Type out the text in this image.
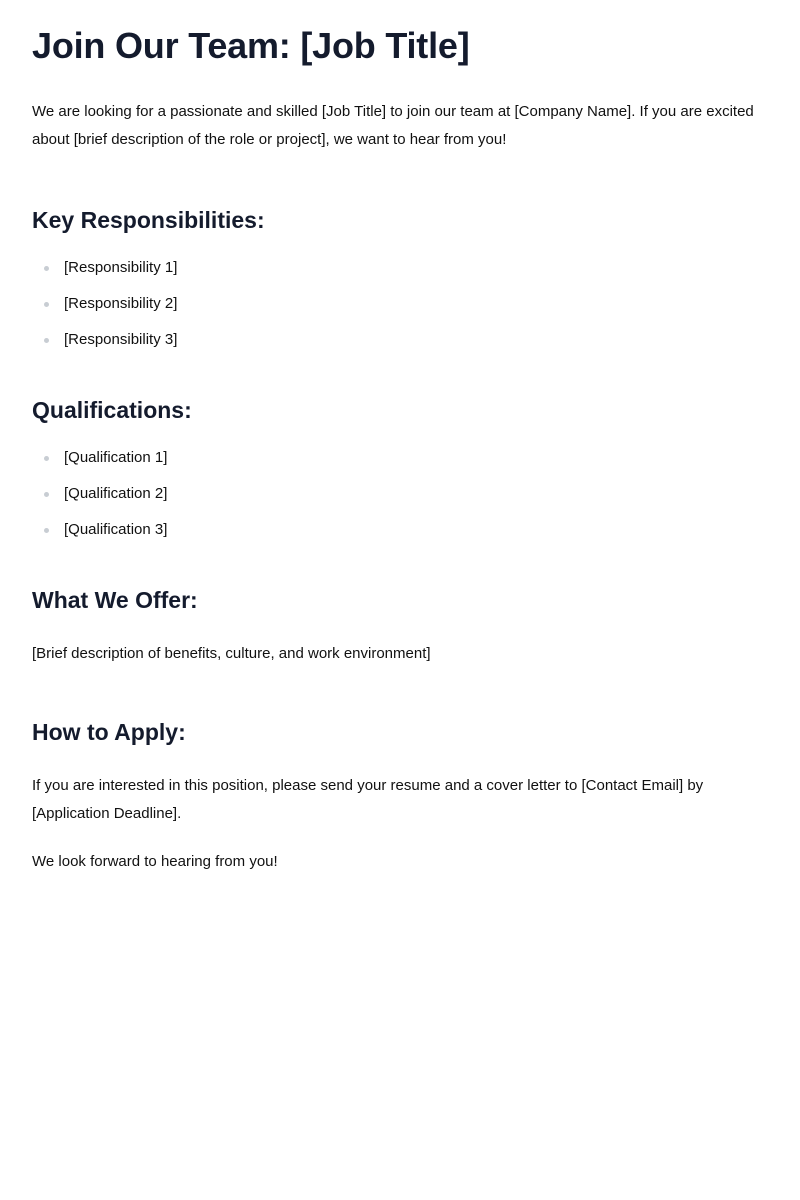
Join Our Team: [Job Title]

We are looking for a passionate and skilled [Job Title] to join our team at [Company Name]. If you are excited about [brief description of the role or project], we want to hear from you!

Key Responsibilities:
[Responsibility 1]
[Responsibility 2]
[Responsibility 3]
Qualifications:
[Qualification 1]
[Qualification 2]
[Qualification 3]
What We Offer:

[Brief description of benefits, culture, and work environment]

How to Apply:

If you are interested in this position, please send your resume and a cover letter to [Contact Email] by [Application Deadline].

We look forward to hearing from you!
